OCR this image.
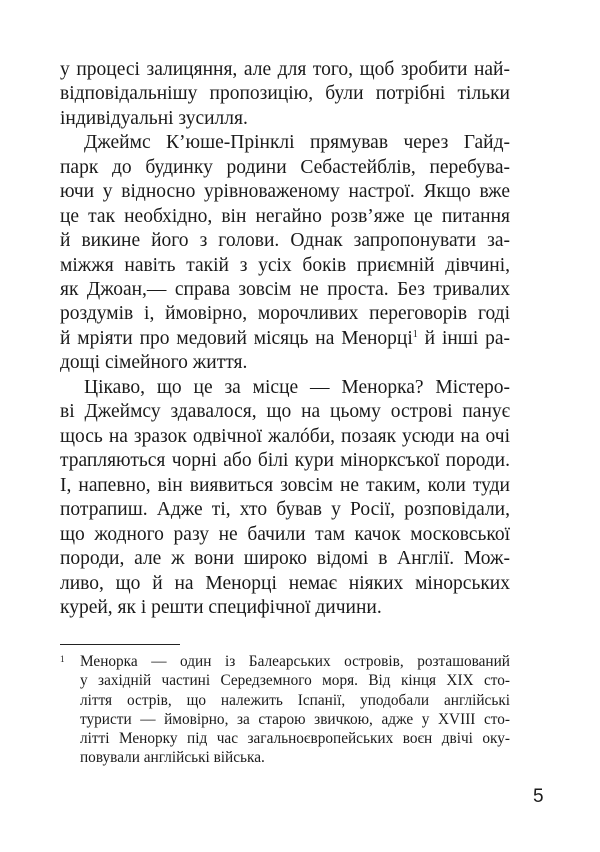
у процесі залицяння, але для того, щоб зробити най-
відповідальнішу пропозицію, були потрібні тільки
індивідуальні зусилля.
Джеймс К’юше-Прінклі прямував через Гайд-
парк до будинку родини Себастейблів, перебува-
ючи у відносно урівноваженому настрої. Якщо вже
це так необхідно, він негайно розв’яже це питання
й викине його з голови. Однак запропонувати за-
міжжя навіть такій з усіх боків приємній дівчині,
як Джоан,— справа зовсім не проста. Без тривалих
роздумів і, ймовірно, морочливих переговорів годі
й мріяти про медовий місяць на Менорці$^1$ й інші ра-
дощі сімейного життя.
Цікаво, що це за місце — Менорка? Містеро-
ві Джеймсу здавалося, що на цьому острові панує
щось на зразок одвічної жалóби, позаяк усюди на очі
трапляються чорні або білі кури мінорксъкої породи.
І, напевно, він виявиться зовсім не таким, коли туди
потрапиш. Адже ті, хто бував у Росії, розповідали,
що жодного разу не бачили там качок московської
породи, але ж вони широко відомі в Англії. Мож-
ливо, що й на Менорці немає ніяких мінорських
курей, як і решти специфічної дичини.
1 Менорка — один із Балеарських островів, розташований
у західній частині Середземного моря. Від кінця XIX сто-
ліття острів, що належить Іспанії, уподобали англійські
туристи — ймовірно, за старою звичкою, адже у XVIII сто-
літті Менорку під час загальноєвропейських воєн двічі оку-
повували англійські війська.
5
